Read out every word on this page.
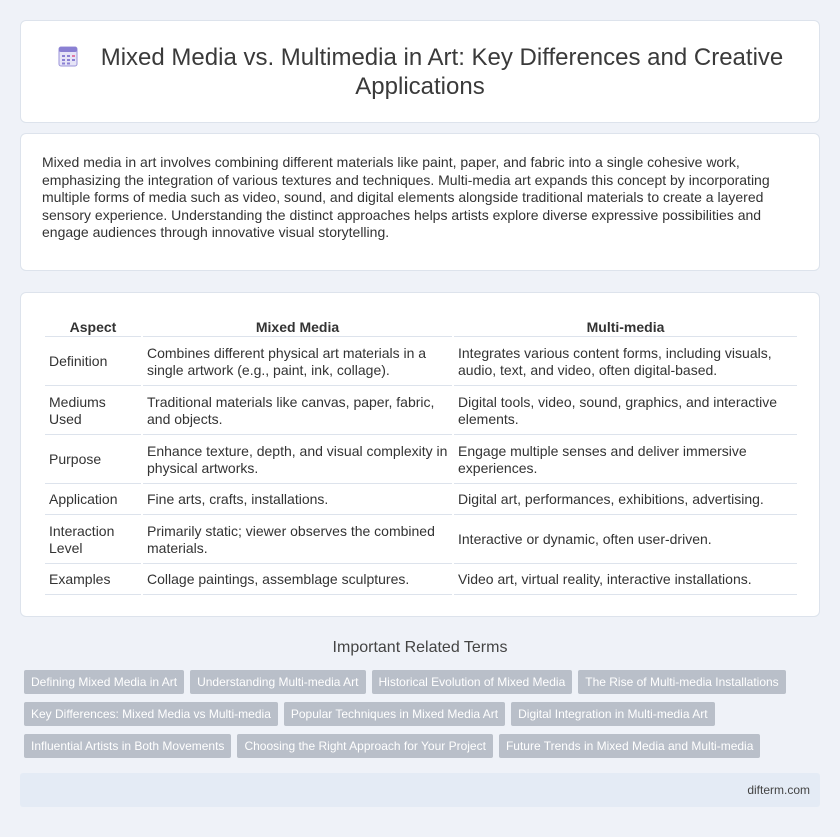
Mixed Media vs. Multimedia in Art: Key Differences and Creative Applications

Mixed media in art involves combining different materials like paint, paper, and fabric into a single cohesive work, emphasizing the integration of various textures and techniques. Multi-media art expands this concept by incorporating multiple forms of media such as video, sound, and digital elements alongside traditional materials to create a layered sensory experience. Understanding the distinct approaches helps artists explore diverse expressive possibilities and engage audiences through innovative visual storytelling.

Aspect	Mixed Media	Multi-media
Definition	Combines different physical art materials in a single artwork (e.g., paint, ink, collage).	Integrates various content forms, including visuals, audio, text, and video, often digital-based.
Mediums Used	Traditional materials like canvas, paper, fabric, and objects.	Digital tools, video, sound, graphics, and interactive elements.
Purpose	Enhance texture, depth, and visual complexity in physical artworks.	Engage multiple senses and deliver immersive experiences.
Application	Fine arts, crafts, installations.	Digital art, performances, exhibitions, advertising.
Interaction Level	Primarily static; viewer observes the combined materials.	Interactive or dynamic, often user-driven.
Examples	Collage paintings, assemblage sculptures.	Video art, virtual reality, interactive installations.
Important Related Terms
Defining Mixed Media in Art Understanding Multi-media Art Historical Evolution of Mixed Media The Rise of Multi-media Installations
Key Differences: Mixed Media vs Multi-media Popular Techniques in Mixed Media Art Digital Integration in Multi-media Art
Influential Artists in Both Movements Choosing the Right Approach for Your Project Future Trends in Mixed Media and Multi-media
difterm.com
